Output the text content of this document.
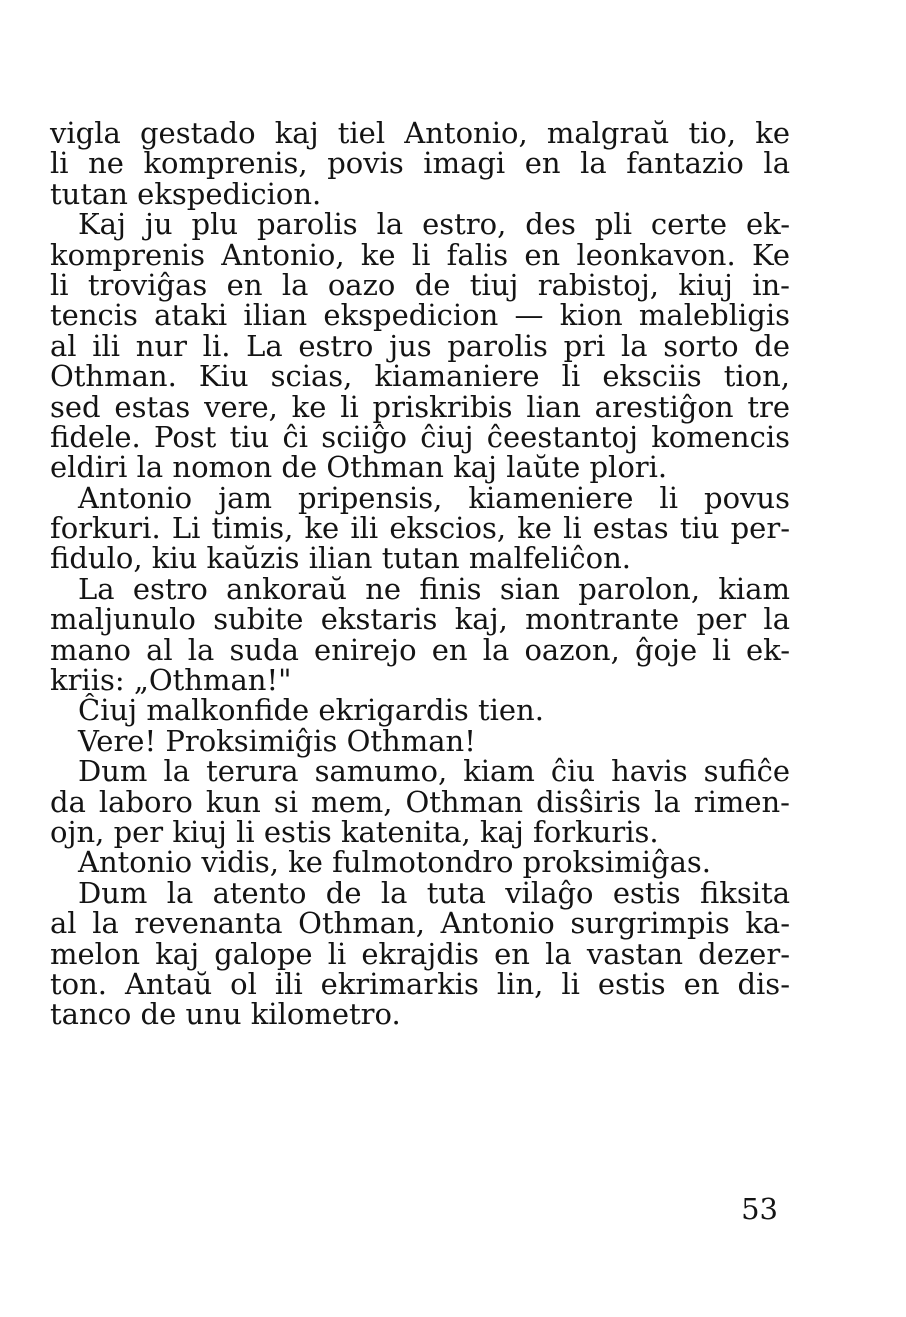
vigla gestado kaj tiel Antonio, malgraŭ tio, ke
li ne komprenis, povis imagi en la fantazio la
tutan ekspedicion.
Kaj ju plu parolis la estro, des pli certe ek-
komprenis Antonio, ke li falis en leonkavon. Ke
li troviĝas en la oazo de tiuj rabistoj, kiuj in-
tencis ataki ilian ekspedicion — kion malebligis
al ili nur li. La estro jus parolis pri la sorto de
Othman. Kiu scias, kiamaniere li eksciis tion,
sed estas vere, ke li priskribis lian arestiĝon tre
fidele. Post tiu ĉi sciiĝo ĉiuj ĉeestantoj komencis
eldiri la nomon de Othman kaj laŭte plori.
Antonio jam pripensis, kiameniere li povus
forkuri. Li timis, ke ili ekscios, ke li estas tiu per-
fidulo, kiu kaŭzis ilian tutan malfeliĉon.
La estro ankoraŭ ne finis sian parolon, kiam
maljunulo subite ekstaris kaj, montrante per la
mano al la suda enirejo en la oazon, ĝoje li ek-
kriis: „Othman!"
Ĉiuj malkonfide ekrigardis tien.
Vere! Proksimiĝis Othman!
Dum la terura samumo, kiam ĉiu havis sufiĉe
da laboro kun si mem, Othman disŝiris la rimen-
ojn, per kiuj li estis katenita, kaj forkuris.
Antonio vidis, ke fulmotondro proksimiĝas.
Dum la atento de la tuta vilaĝo estis fiksita
al la revenanta Othman, Antonio surgrimpis ka-
melon kaj galope li ekrajdis en la vastan dezer-
ton. Antaŭ ol ili ekrimarkis lin, li estis en dis-
tanco de unu kilometro.
53
